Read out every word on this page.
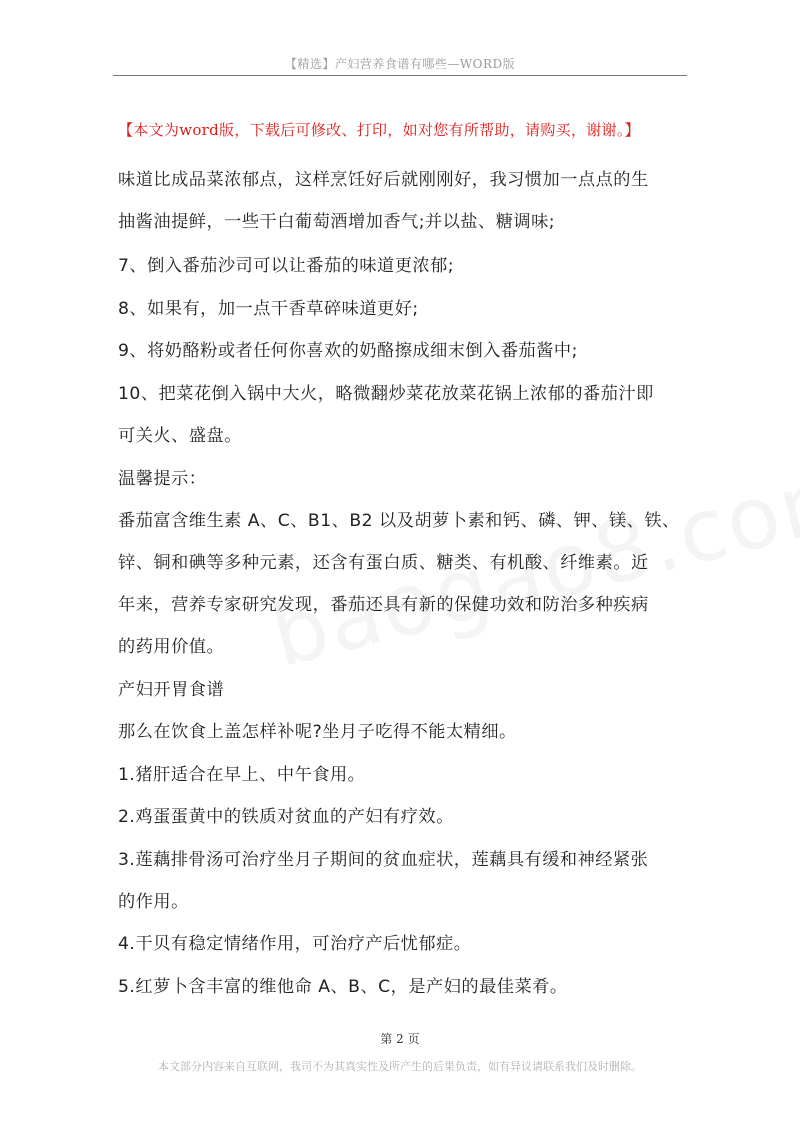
【精选】产妇营养食谱有哪些—WORD版
【本文为word版，下载后可修改、打印，如对您有所帮助，请购买，谢谢。】
味道比成品菜浓郁点，这样烹饪好后就刚刚好，我习惯加一点点的生
抽酱油提鲜，一些干白葡萄酒增加香气;并以盐、糖调味;
7、倒入番茄沙司可以让番茄的味道更浓郁;
8、如果有，加一点干香草碎味道更好;
9、将奶酪粉或者任何你喜欢的奶酪擦成细末倒入番茄酱中;
10、把菜花倒入锅中大火，略微翻炒菜花放菜花锅上浓郁的番茄汁即
可关火、盛盘。
温馨提示：
番茄富含维生素 A、C、B1、B2 以及胡萝卜素和钙、磷、钾、镁、铁、
锌、铜和碘等多种元素，还含有蛋白质、糖类、有机酸、纤维素。近
年来，营养专家研究发现，番茄还具有新的保健功效和防治多种疾病
的药用价值。
产妇开胃食谱
那么在饮食上盖怎样补呢?坐月子吃得不能太精细。
1.猪肝适合在早上、中午食用。
2.鸡蛋蛋黄中的铁质对贫血的产妇有疗效。
3.莲藕排骨汤可治疗坐月子期间的贫血症状，莲藕具有缓和神经紧张
的作用。
4.干贝有稳定情绪作用，可治疗产后忧郁症。
5.红萝卜含丰富的维他命 A、B、C，是产妇的最佳菜肴。
第 2 页
本文部分内容来自互联网，我司不为其真实性及所产生的后果负责，如有异议请联系我们及时删除。
